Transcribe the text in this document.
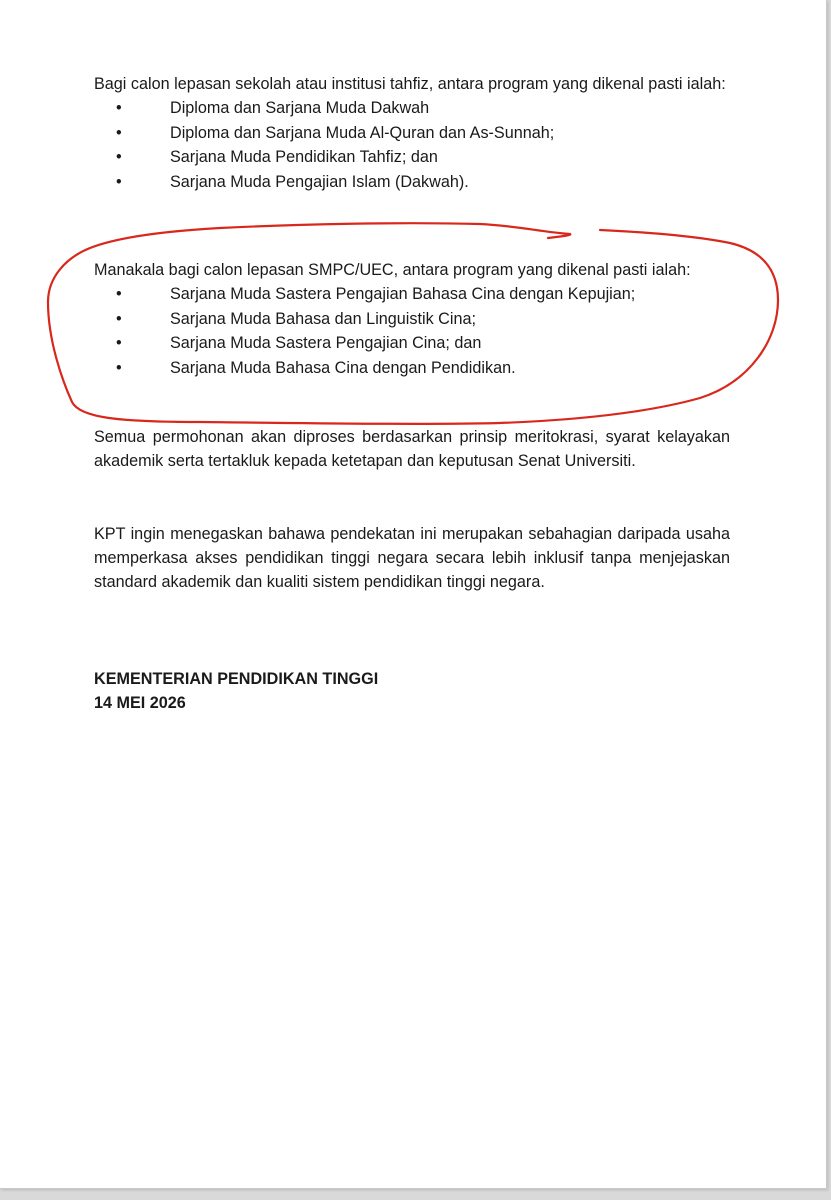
Bagi calon lepasan sekolah atau institusi tahfiz, antara program yang dikenal pasti ialah:

•	Diploma dan Sarjana Muda Dakwah
•	Diploma dan Sarjana Muda Al-Quran dan As-Sunnah;
•	Sarjana Muda Pendidikan Tahfiz; dan
•	Sarjana Muda Pengajian Islam (Dakwah).

Manakala bagi calon lepasan SMPC/UEC, antara program yang dikenal pasti ialah:

•	Sarjana Muda Sastera Pengajian Bahasa Cina dengan Kepujian;
•	Sarjana Muda Bahasa dan Linguistik Cina;
•	Sarjana Muda Sastera Pengajian Cina; dan
•	Sarjana Muda Bahasa Cina dengan Pendidikan.

Semua permohonan akan diproses berdasarkan prinsip meritokrasi, syarat kelayakan akademik serta tertakluk kepada ketetapan dan keputusan Senat Universiti.

KPT ingin menegaskan bahawa pendekatan ini merupakan sebahagian daripada usaha memperkasa akses pendidikan tinggi negara secara lebih inklusif tanpa menjejaskan standard akademik dan kualiti sistem pendidikan tinggi negara.

KEMENTERIAN PENDIDIKAN TINGGI

14 MEI 2026
